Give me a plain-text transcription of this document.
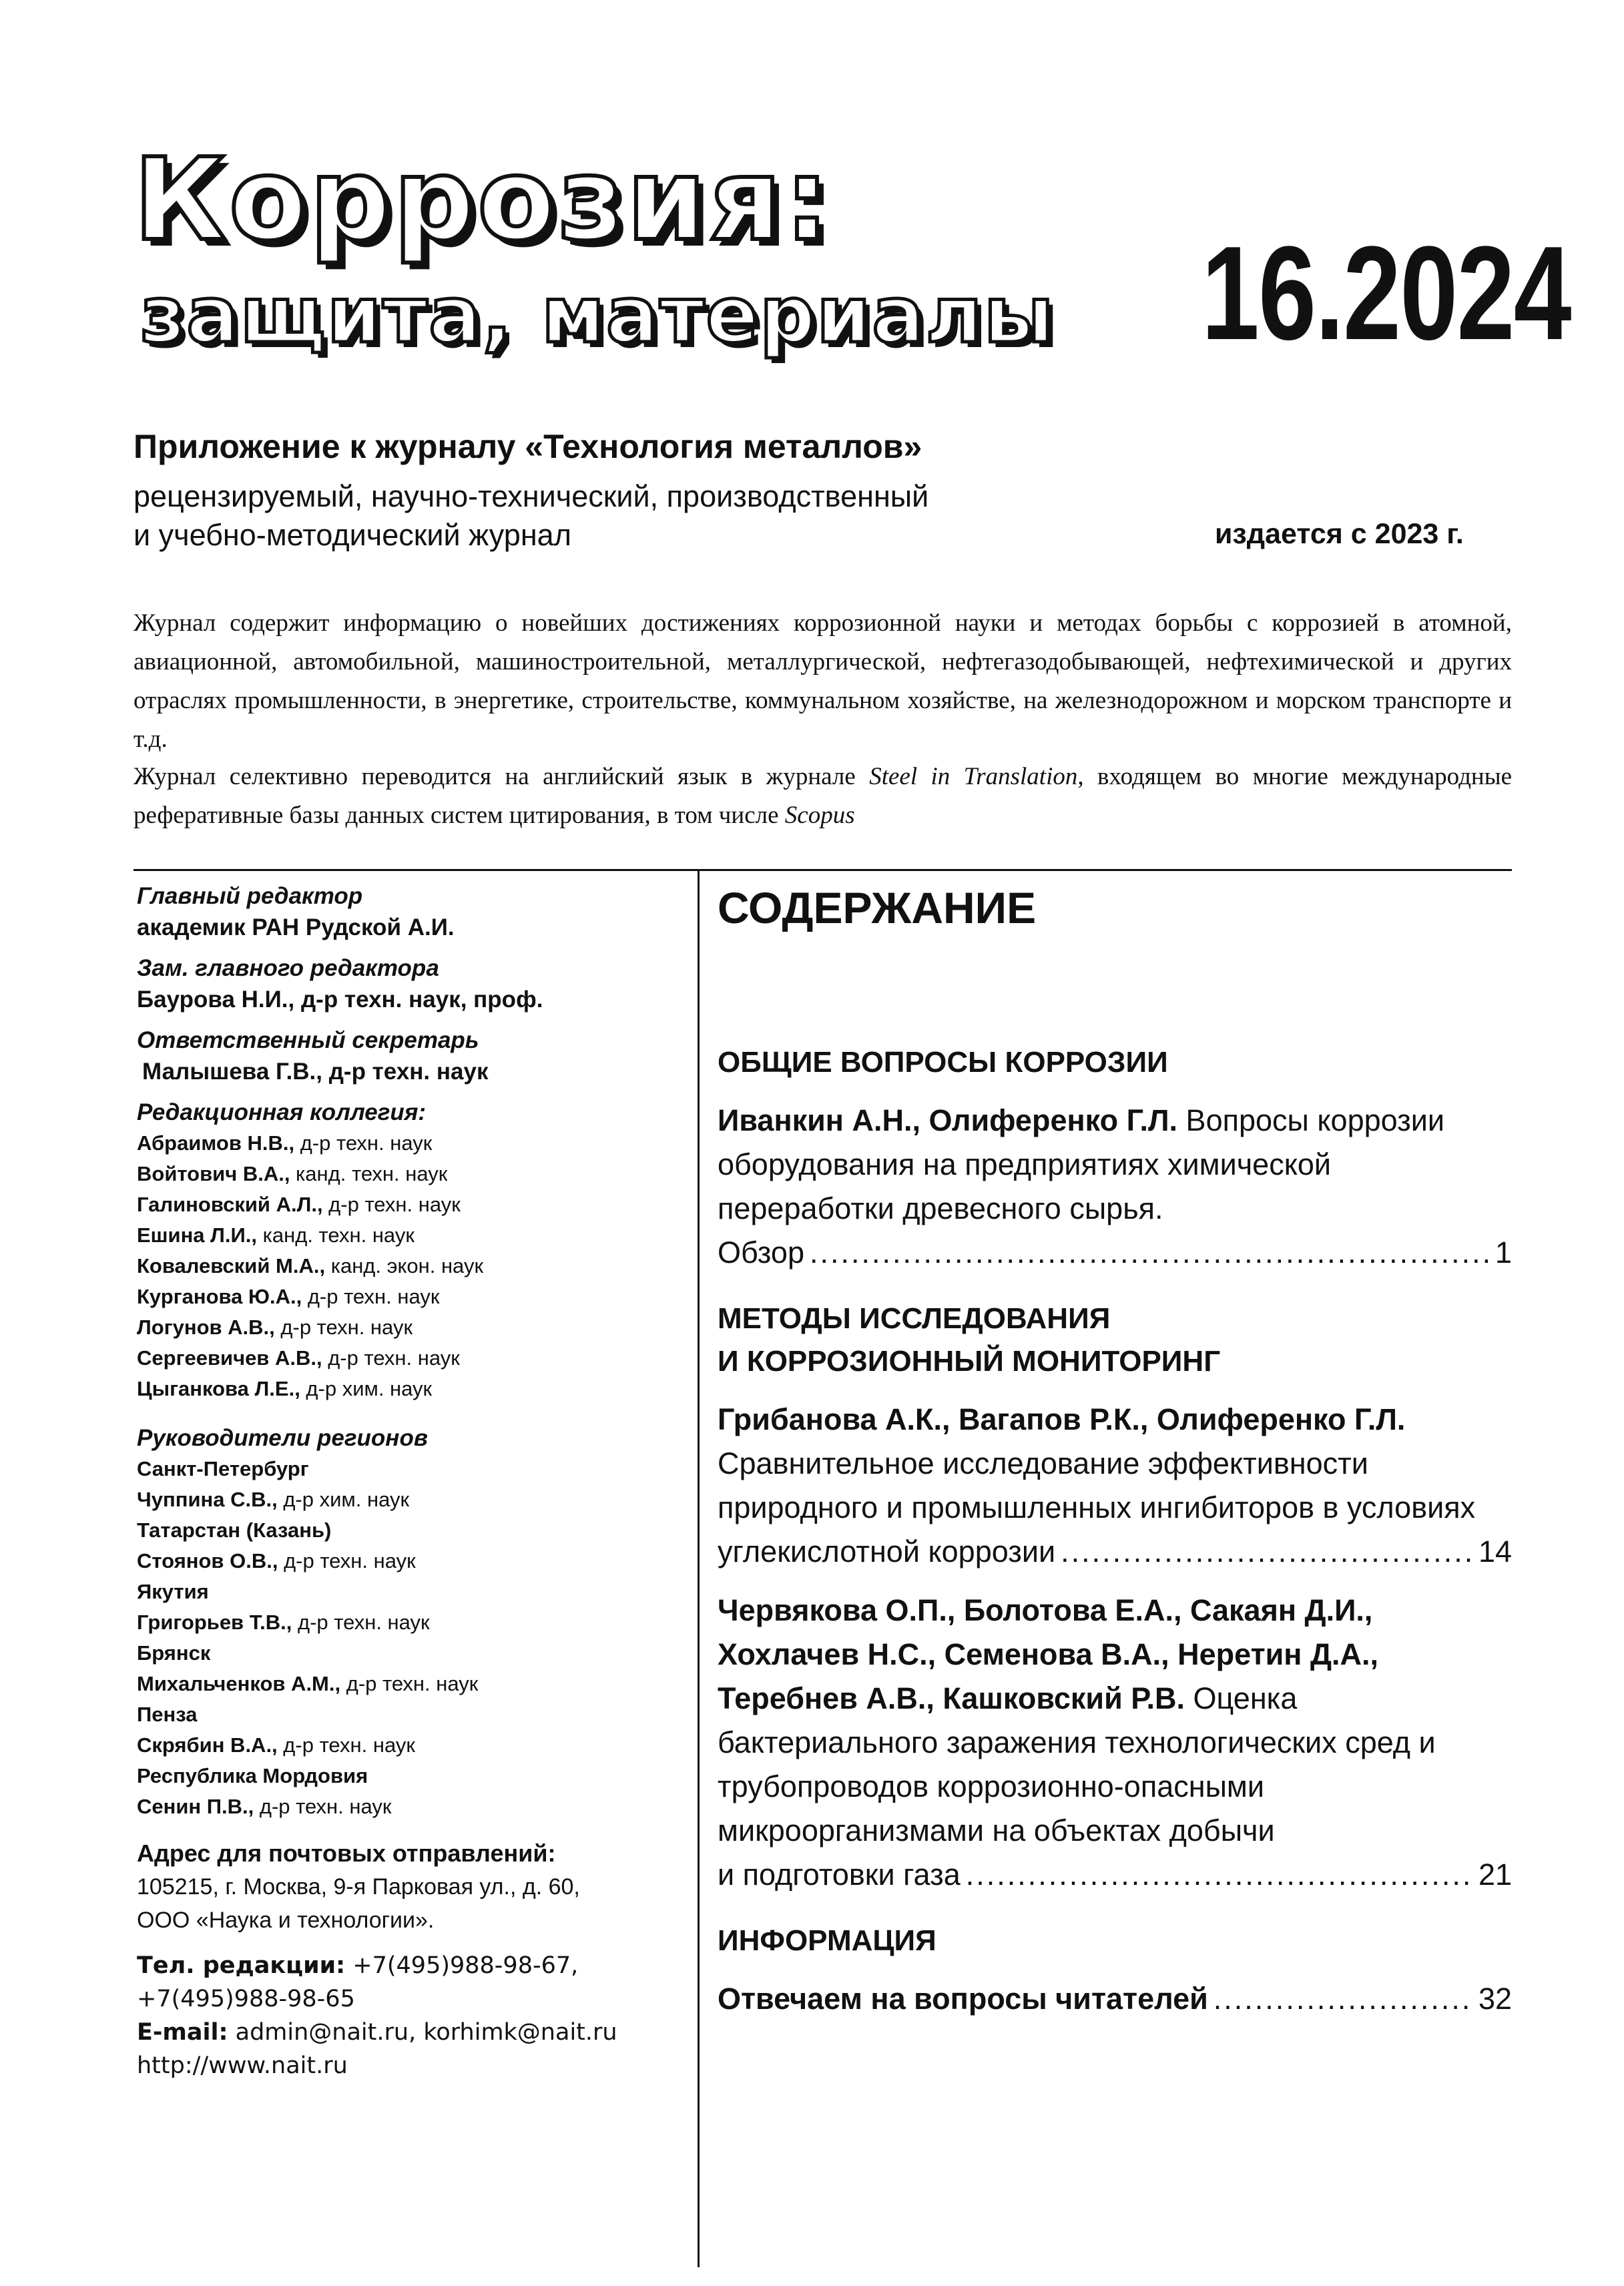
Коррозия:
защита, материалы 16.2024
Приложение к журналу «Технология металлов»
рецензируемый, научно-технический, производственный
и учебно-методический журнал	издается с 2023 г.
Журнал содержит информацию о новейших достижениях коррозионной науки и методах борьбы с коррозией в атомной, авиационной, автомобильной, машиностроительной, металлургической, нефтегазодобывающей, нефтехимической и других отраслях промышленности, в энергетике, строительстве, коммунальном хозяйстве, на железнодорожном и морском транспорте и т.д.
Журнал селективно переводится на английский язык в журнале Steel in Translation, входящем во многие международные реферативные базы данных систем цитирования, в том числе Scopus
Главный редактор
академик РАН Рудской А.И.
Зам. главного редактора
Баурова Н.И., д-р техн. наук, проф.
Ответственный секретарь
Малышева Г.В., д-р техн. наук
Редакционная коллегия:
Абраимов Н.В., д-р техн. наук
Войтович В.А., канд. техн. наук
Галиновский А.Л., д-р техн. наук
Ешина Л.И., канд. техн. наук
Ковалевский М.А., канд. экон. наук
Курганова Ю.А., д-р техн. наук
Логунов А.В., д-р техн. наук
Сергеевичев А.В., д-р техн. наук
Цыганкова Л.Е., д-р хим. наук
Руководители регионов
Санкт-Петербург
Чуппина С.В., д-р хим. наук
Татарстан (Казань)
Стоянов О.В., д-р техн. наук
Якутия
Григорьев Т.В., д-р техн. наук
Брянск
Михальченков А.М., д-р техн. наук
Пенза
Скрябин В.А., д-р техн. наук
Республика Мордовия
Сенин П.В., д-р техн. наук
Адрес для почтовых отправлений:
105215, г. Москва, 9-я Парковая ул., д. 60,
ООО «Наука и технологии».
Тел. редакции: +7(495)988-98-67,
+7(495)988-98-65
E-mail: admin@nait.ru, korhimk@nait.ru
http://www.nait.ru
СОДЕРЖАНИЕ
ОБЩИЕ ВОПРОСЫ КОРРОЗИИ
Иванкин А.Н., Олиференко Г.Л. Вопросы коррозии оборудования на предприятиях химической переработки древесного сырья.
Обзор .....	1
МЕТОДЫ ИССЛЕДОВАНИЯ
И КОРРОЗИОННЫЙ МОНИТОРИНГ
Грибанова А.К., Вагапов Р.К., Олиференко Г.Л. Сравнительное исследование эффективности природного и промышленных ингибиторов в условиях
углекислотной коррозии .....	14
Червякова О.П., Болотова Е.А., Сакаян Д.И., Хохлачев Н.С., Семенова В.А., Неретин Д.А., Теребнев А.В., Кашковский Р.В. Оценка бактериального заражения технологических сред и трубопроводов коррозионно-опасными микроорганизмами на объектах добычи
и подготовки газа .....	21
ИНФОРМАЦИЯ
Отвечаем на вопросы читателей .....	32
